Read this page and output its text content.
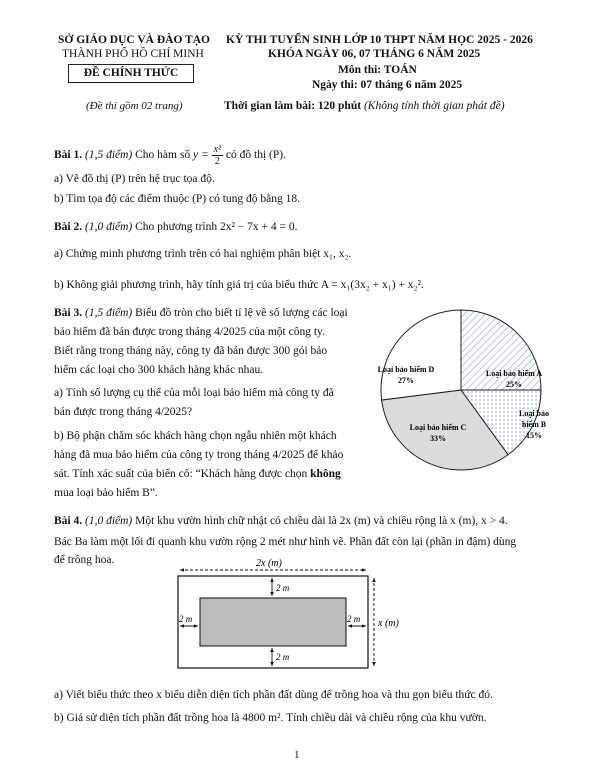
SỞ GIÁO DỤC VÀ ĐÀO TẠO
THÀNH PHỐ HỒ CHÍ MINH
ĐỀ CHÍNH THỨC
(Đề thi gồm 02 trang)
KỲ THI TUYỂN SINH LỚP 10 THPT NĂM HỌC 2025 - 2026
KHÓA NGÀY 06, 07 THÁNG 6 NĂM 2025
Môn thi: TOÁN
Ngày thi: 07 tháng 6 năm 2025
Thời gian làm bài: 120 phút (Không tính thời gian phát đề)
Bài 1. (1,5 điểm) Cho hàm số $y = \frac{\text{x²}}{2}$ có đồ thị (P).
a) Vẽ đồ thị (P) trên hệ trục tọa độ.
b) Tìm tọa độ các điểm thuộc (P) có tung độ bằng 18.
Bài 2. (1,0 điểm) Cho phương trình 2x² − 7x + 4 = 0.
a) Chứng minh phương trình trên có hai nghiệm phân biệt x₁, x₂.
b) Không giải phương trình, hãy tính giá trị của biểu thức A = x₁(3x₂ + x₁) + x₂².
Bài 3. (1,5 điểm) Biểu đồ tròn cho biết tỉ lệ về số lượng các loại
bảo hiểm đã bán được trong tháng 4/2025 của một công ty.
Biết rằng trong tháng này, công ty đã bán được 300 gói bảo
hiểm các loại cho 300 khách hàng khác nhau.
a) Tính số lượng cụ thể của mỗi loại bảo hiểm mà công ty đã
bán được trong tháng 4/2025?
b) Bộ phận chăm sóc khách hàng chọn ngẫu nhiên một khách
hàng đã mua bảo hiểm của công ty trong tháng 4/2025 để khảo
sát. Tính xác suất của biến cố: “Khách hàng được chọn không
mua loại bảo hiểm B”.
Loại bảo hiểm A
25%
Loại bảo
hiểm B
15%
Loại bảo hiểm C
33%
Loại bảo hiểm D
27%
Bài 4. (1,0 điểm) Một khu vườn hình chữ nhật có chiều dài là 2x (m) và chiều rộng là x (m), x > 4.
Bác Ba làm một lối đi quanh khu vườn rộng 2 mét như hình vẽ. Phần đất còn lại (phần in đậm) dùng
để trồng hoa.	2x (m)
x (m)
2 m
2 m
2 m	2 m
a) Viết biểu thức theo x biểu diễn diện tích phần đất dùng để trồng hoa và thu gọn biểu thức đó.
b) Giả sử diện tích phần đất trồng hoa là 4800 m². Tính chiều dài và chiều rộng của khu vườn.
1
